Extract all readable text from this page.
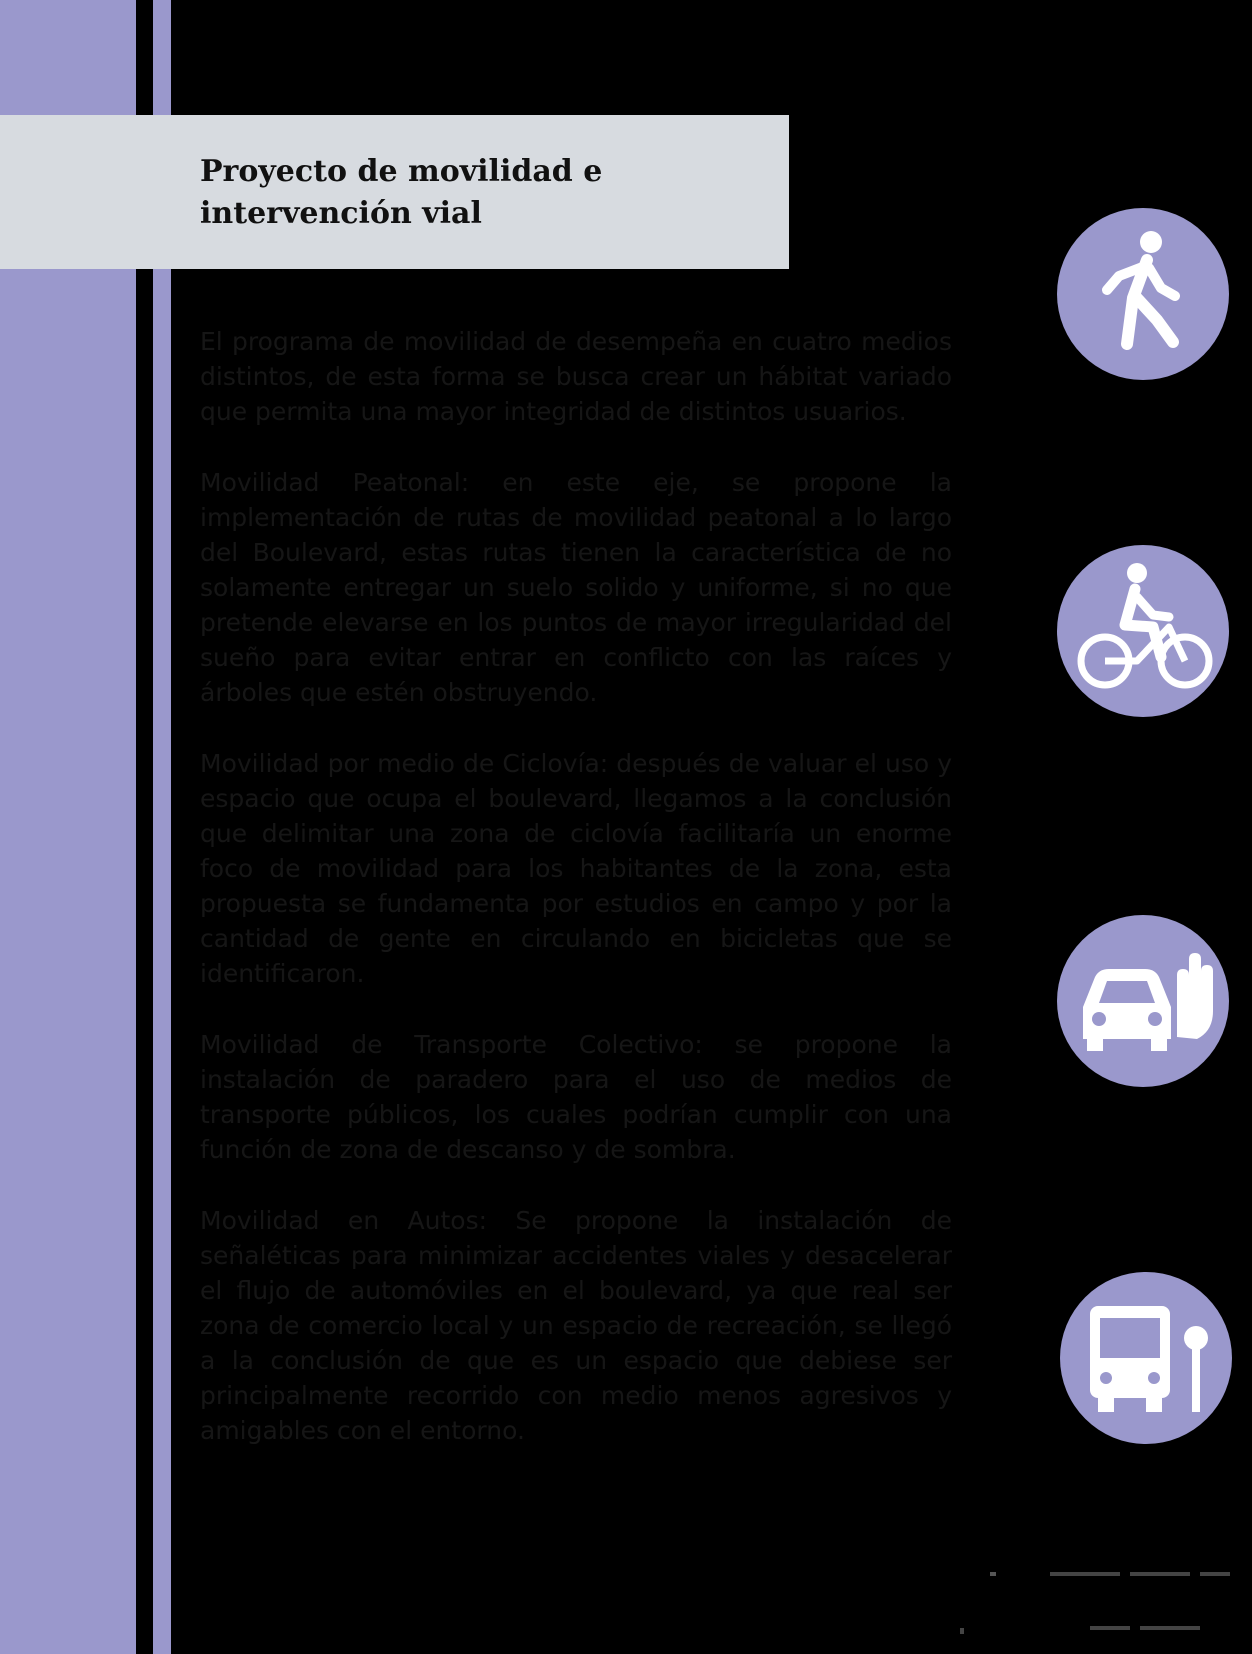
Proyecto de movilidad e intervención vial

El programa de movilidad de desempeña en cuatro medios distintos, de esta forma se busca crear un hábitat variado que permita una mayor integridad de distintos usuarios.

Movilidad Peatonal: en este eje, se propone la implementación de rutas de movilidad peatonal a lo largo del Boulevard, estas rutas tienen la característica de no solamente entregar un suelo solido y uniforme, si no que pretende elevarse en los puntos de mayor irregularidad del sueño para evitar entrar en conflicto con las raíces y árboles que estén obstruyendo.

Movilidad por medio de Ciclovía: después de valuar el uso y espacio que ocupa el boulevard, llegamos a la conclusión que delimitar una zona de ciclovía facilitaría un enorme foco de movilidad para los habitantes de la zona, esta propuesta se fundamenta por estudios en campo y por la cantidad de gente en circulando en bicicletas que se identificaron.

Movilidad de Transporte Colectivo: se propone la instalación de paradero para el uso de medios de transporte públicos, los cuales podrían cumplir con una función de zona de descanso y de sombra.

Movilidad en Autos: Se propone la instalación de señaléticas para minimizar accidentes viales y desacelerar el flujo de automóviles en el boulevard, ya que real ser zona de comercio local y un espacio de recreación, se llegó a la conclusión de que es un espacio que debiese ser principalmente recorrido con medio menos agresivos y amigables con el entorno.
